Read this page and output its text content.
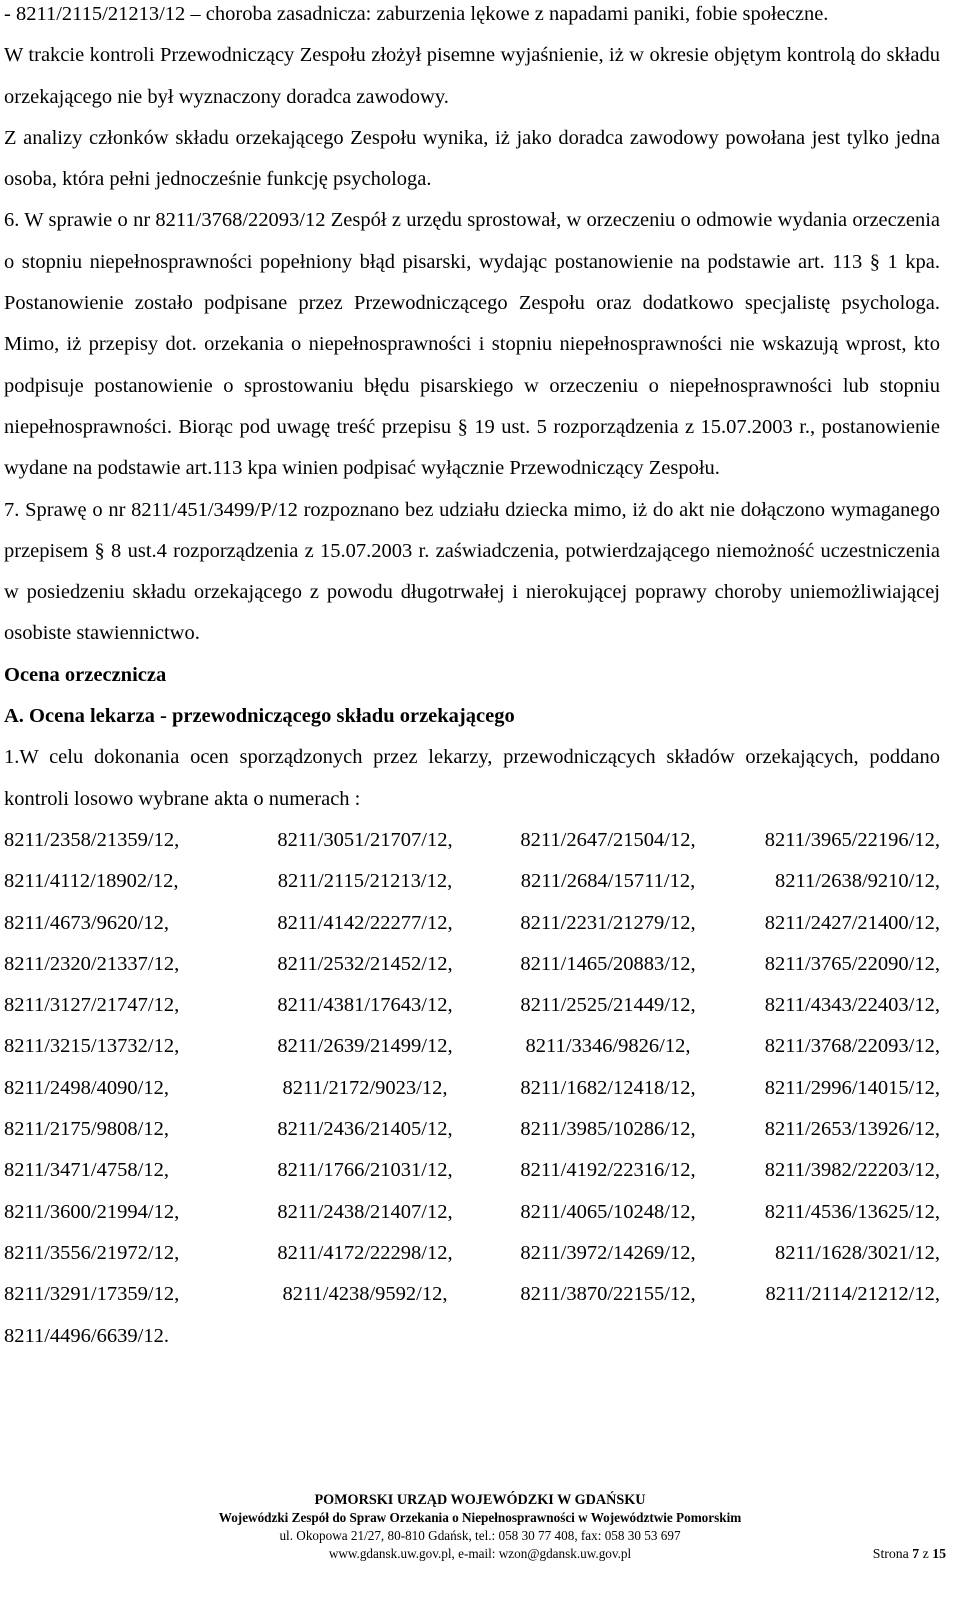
- 8211/2115/21213/12 – choroba zasadnicza: zaburzenia lękowe z napadami paniki, fobie społeczne.

W trakcie kontroli Przewodniczący Zespołu złożył pisemne wyjaśnienie, iż w okresie objętym kontrolą do składu orzekającego nie był wyznaczony doradca zawodowy.

Z analizy członków składu orzekającego Zespołu wynika, iż jako doradca zawodowy powołana jest tylko jedna osoba, która pełni jednocześnie funkcję psychologa.

6. W sprawie o nr 8211/3768/22093/12 Zespół z urzędu sprostował, w orzeczeniu o odmowie wydania orzeczenia o stopniu niepełnosprawności popełniony błąd pisarski, wydając postanowienie na podstawie art. 113 § 1 kpa. Postanowienie zostało podpisane przez Przewodniczącego Zespołu oraz dodatkowo specjalistę psychologa. Mimo, iż przepisy dot. orzekania o niepełnosprawności i stopniu niepełnosprawności nie wskazują wprost, kto podpisuje postanowienie o sprostowaniu błędu pisarskiego w orzeczeniu o niepełnosprawności lub stopniu niepełnosprawności. Biorąc pod uwagę treść przepisu § 19 ust. 5 rozporządzenia z 15.07.2003 r., postanowienie wydane na podstawie art.113 kpa winien podpisać wyłącznie Przewodniczący Zespołu.

7. Sprawę o nr 8211/451/3499/P/12 rozpoznano bez udziału dziecka mimo, iż do akt nie dołączono wymaganego przepisem § 8 ust.4 rozporządzenia z 15.07.2003 r. zaświadczenia, potwierdzającego niemożność uczestniczenia w posiedzeniu składu orzekającego z powodu długotrwałej i nierokującej poprawy choroby uniemożliwiającej osobiste stawiennictwo.

Ocena orzecznicza

A. Ocena lekarza - przewodniczącego składu orzekającego

1.W celu dokonania ocen sporządzonych przez lekarzy, przewodniczących składów orzekających, poddano kontroli losowo wybrane akta o numerach :

8211/2358/21359/12,	8211/3051/21707/12,	8211/2647/21504/12,	8211/3965/22196/12,
8211/4112/18902/12,	8211/2115/21213/12,	8211/2684/15711/12,	8211/2638/9210/12,
8211/4673/9620/12,	8211/4142/22277/12,	8211/2231/21279/12,	8211/2427/21400/12,
8211/2320/21337/12,	8211/2532/21452/12,	8211/1465/20883/12,	8211/3765/22090/12,
8211/3127/21747/12,	8211/4381/17643/12,	8211/2525/21449/12,	8211/4343/22403/12,
8211/3215/13732/12,	8211/2639/21499/12,	8211/3346/9826/12,	8211/3768/22093/12,
8211/2498/4090/12,	8211/2172/9023/12,	8211/1682/12418/12,	8211/2996/14015/12,
8211/2175/9808/12,	8211/2436/21405/12,	8211/3985/10286/12,	8211/2653/13926/12,
8211/3471/4758/12,	8211/1766/21031/12,	8211/4192/22316/12,	8211/3982/22203/12,
8211/3600/21994/12,	8211/2438/21407/12,	8211/4065/10248/12,	8211/4536/13625/12,
8211/3556/21972/12,	8211/4172/22298/12,	8211/3972/14269/12,	8211/1628/3021/12,
8211/3291/17359/12,	8211/4238/9592/12,	8211/3870/22155/12,	8211/2114/21212/12,
8211/4496/6639/12.
POMORSKI URZĄD WOJEWÓDZKI W GDAŃSKU
Wojewódzki Zespół do Spraw Orzekania o Niepełnosprawności w Województwie Pomorskim
ul. Okopowa 21/27, 80-810 Gdańsk, tel.: 058 30 77 408, fax: 058 30 53 697
www.gdansk.uw.gov.pl, e-mail: wzon@gdansk.uw.gov.pl	Strona 7 z 15
